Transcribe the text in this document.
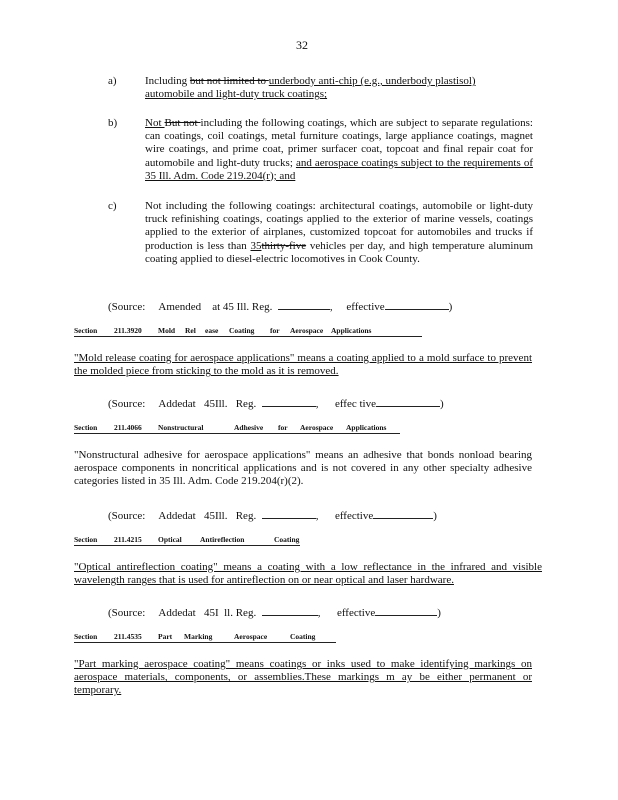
32
a)	Including but not limited to underbody anti-chip (e.g., underbody plastisol) automobile and light-duty truck coatings;
b)	Not But not including the following coatings, which are subject to separate regulations: can coatings, coil coatings, metal furniture coatings, large appliance coatings, magnet wire coatings, and prime coat, primer surfacer coat, topcoat and final repair coat for automobile and light-duty trucks; and aerospace coatings subject to the requirements of 35 Ill. Adm. Code 219.204(r); and
c)	Not including the following coatings: architectural coatings, automobile or light-duty truck refinishing coatings, coatings applied to the exterior of marine vessels, coatings applied to the exterior of airplanes, customized topcoat for automobiles and trucks if production is less than 35thirty-five vehicles per day, and high temperature aluminum coating applied to diesel-electric locomotives in Cook County.
(Source: Amended at 45 Ill. Reg.	, effective	)
Section 211.3920 Mold Rel ease Coating for Aerospace Applications
"Mold release coating for aerospace applications" means a coating applied to a mold surface to prevent the molded piece from sticking to the mold as it is removed.
(Source: Addedat 45Ill. Reg.	, effec tive	)
Section 211.4066 Nonstructural	Adhesive for Aerospace Applications
"Nonstructural adhesive for aerospace applications" means an adhesive that bonds nonload bearing aerospace components in noncritical applications and is not covered in any other specialty adhesive categories listed in 35 Ill. Adm. Code 219.204(r)(2).
(Source: Addedat 45Ill. Reg.	, effective	)
Section 211.4215 Optical Antireflection	Coating
"Optical antireflection coating" means a coating with a low reflectance in the infrared and visible wavelength ranges that is used for antireflection on or near optical and laser hardware.
(Source: Addedat 45I ll. Reg.	, effective	)
Section 211.4535 Part Marking	Aerospace	Coating
"Part marking aerospace coating" means coatings or inks used to make identifying markings on aerospace materials, components, or assemblies.These markings m ay be either permanent or temporary.
